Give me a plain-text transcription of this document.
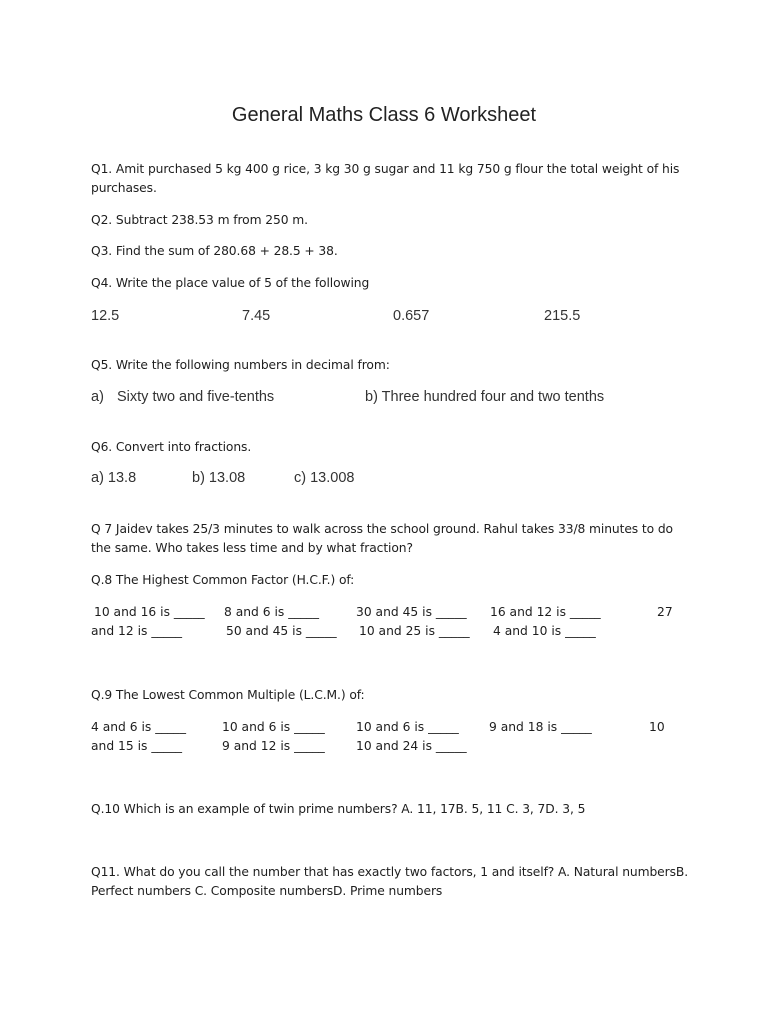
General Maths Class 6 Worksheet
Q1. Amit purchased 5 kg 400 g rice, 3 kg 30 g sugar and 11 kg 750 g flour the total weight of his purchases.
Q2. Subtract 238.53 m from 250 m.
Q3. Find the sum of 280.68 + 28.5 + 38.
Q4. Write the place value of 5 of the following
12.5	7.45	0.657	215.5
Q5. Write the following numbers in decimal from:
a) Sixty two and five-tenths	b) Three hundred four and two tenths
Q6. Convert into fractions.
a) 13.8	b) 13.08	c) 13.008
Q 7 Jaidev takes 25/3 minutes to walk across the school ground. Rahul takes 33/8 minutes to do the same. Who takes less time and by what fraction?
Q.8 The Highest Common Factor (H.C.F.) of:
10 and 16 is _____ 8 and 6 is _____	30 and 45 is _____ 16 and 12 is _____	27
and 12 is _____	50 and 45 is _____ 10 and 25 is _____ 4 and 10 is _____
Q.9 The Lowest Common Multiple (L.C.M.) of:
4 and 6 is _____	10 and 6 is _____	10 and 6 is _____ 9 and 18 is _____	10
and 15 is _____	9 and 12 is _____	10 and 24 is _____
Q.10 Which is an example of twin prime numbers? A. 11, 17B. 5, 11 C. 3, 7D. 3, 5
Q11. What do you call the number that has exactly two factors, 1 and itself? A. Natural numbersB. Perfect numbers C. Composite numbersD. Prime numbers
